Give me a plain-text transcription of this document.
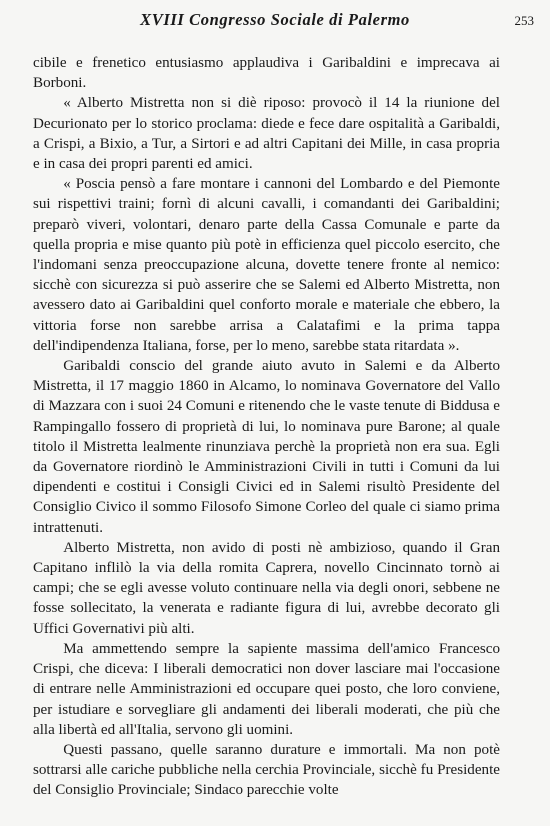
XVIII Congresso Sociale di Palermo	253

cibile e frenetico entusiasmo applaudiva i Garibaldini e imprecava ai Borboni.

« Alberto Mistretta non si diè riposo: provocò il 14 la riunione del Decurionato per lo storico proclama: diede e fece dare ospitalità a Garibaldi, a Crispi, a Bixio, a Tur, a Sirtori e ad altri Capitani dei Mille, in casa propria e in casa dei propri parenti ed amici.

« Poscia pensò a fare montare i cannoni del Lombardo e del Piemonte sui rispettivi traini; fornì di alcuni cavalli, i comandanti dei Garibaldini; preparò viveri, volontari, denaro parte della Cassa Comunale e parte da quella propria e mise quanto più potè in efficienza quel piccolo esercito, che l'indomani senza preoccupazione alcuna, dovette tenere fronte al nemico: sicchè con sicurezza si può asserire che se Salemi ed Alberto Mistretta, non avessero dato ai Garibaldini quel conforto morale e materiale che ebbero, la vittoria forse non sarebbe arrisa a Calatafimi e la prima tappa dell'indipendenza Italiana, forse, per lo meno, sarebbe stata ritardata ».

Garibaldi conscio del grande aiuto avuto in Salemi e da Alberto Mistretta, il 17 maggio 1860 in Alcamo, lo nominava Governatore del Vallo di Mazzara con i suoi 24 Comuni e ritenendo che le vaste tenute di Biddusa e Rampingallo fossero di proprietà di lui, lo nominava pure Barone; al quale titolo il Mistretta lealmente rinunziava perchè la proprietà non era sua. Egli da Governatore riordinò le Amministrazioni Civili in tutti i Comuni da lui dipendenti e costitui i Consigli Civici ed in Salemi risultò Presidente del Consiglio Civico il sommo Filosofo Simone Corleo del quale ci siamo prima intrattenuti.

Alberto Mistretta, non avido di posti nè ambizioso, quando il Gran Capitano inflilò la via della romita Caprera, novello Cincinnato tornò ai campi; che se egli avesse voluto continuare nella via degli onori, sebbene ne fosse sollecitato, la venerata e radiante figura di lui, avrebbe decorato gli Uffici Governativi più alti.

Ma ammettendo sempre la sapiente massima dell'amico Francesco Crispi, che diceva: I liberali democratici non dover lasciare mai l'occasione di entrare nelle Amministrazioni ed occupare quei posto, che loro conviene, per istudiare e sorvegliare gli andamenti dei liberali moderati, che più che alla libertà ed all'Italia, servono gli uomini.

Questi passano, quelle saranno durature e immortali. Ma non potè sottrarsi alle cariche pubbliche nella cerchia Provinciale, sicchè fu Presidente del Consiglio Provinciale; Sindaco parecchie volte
